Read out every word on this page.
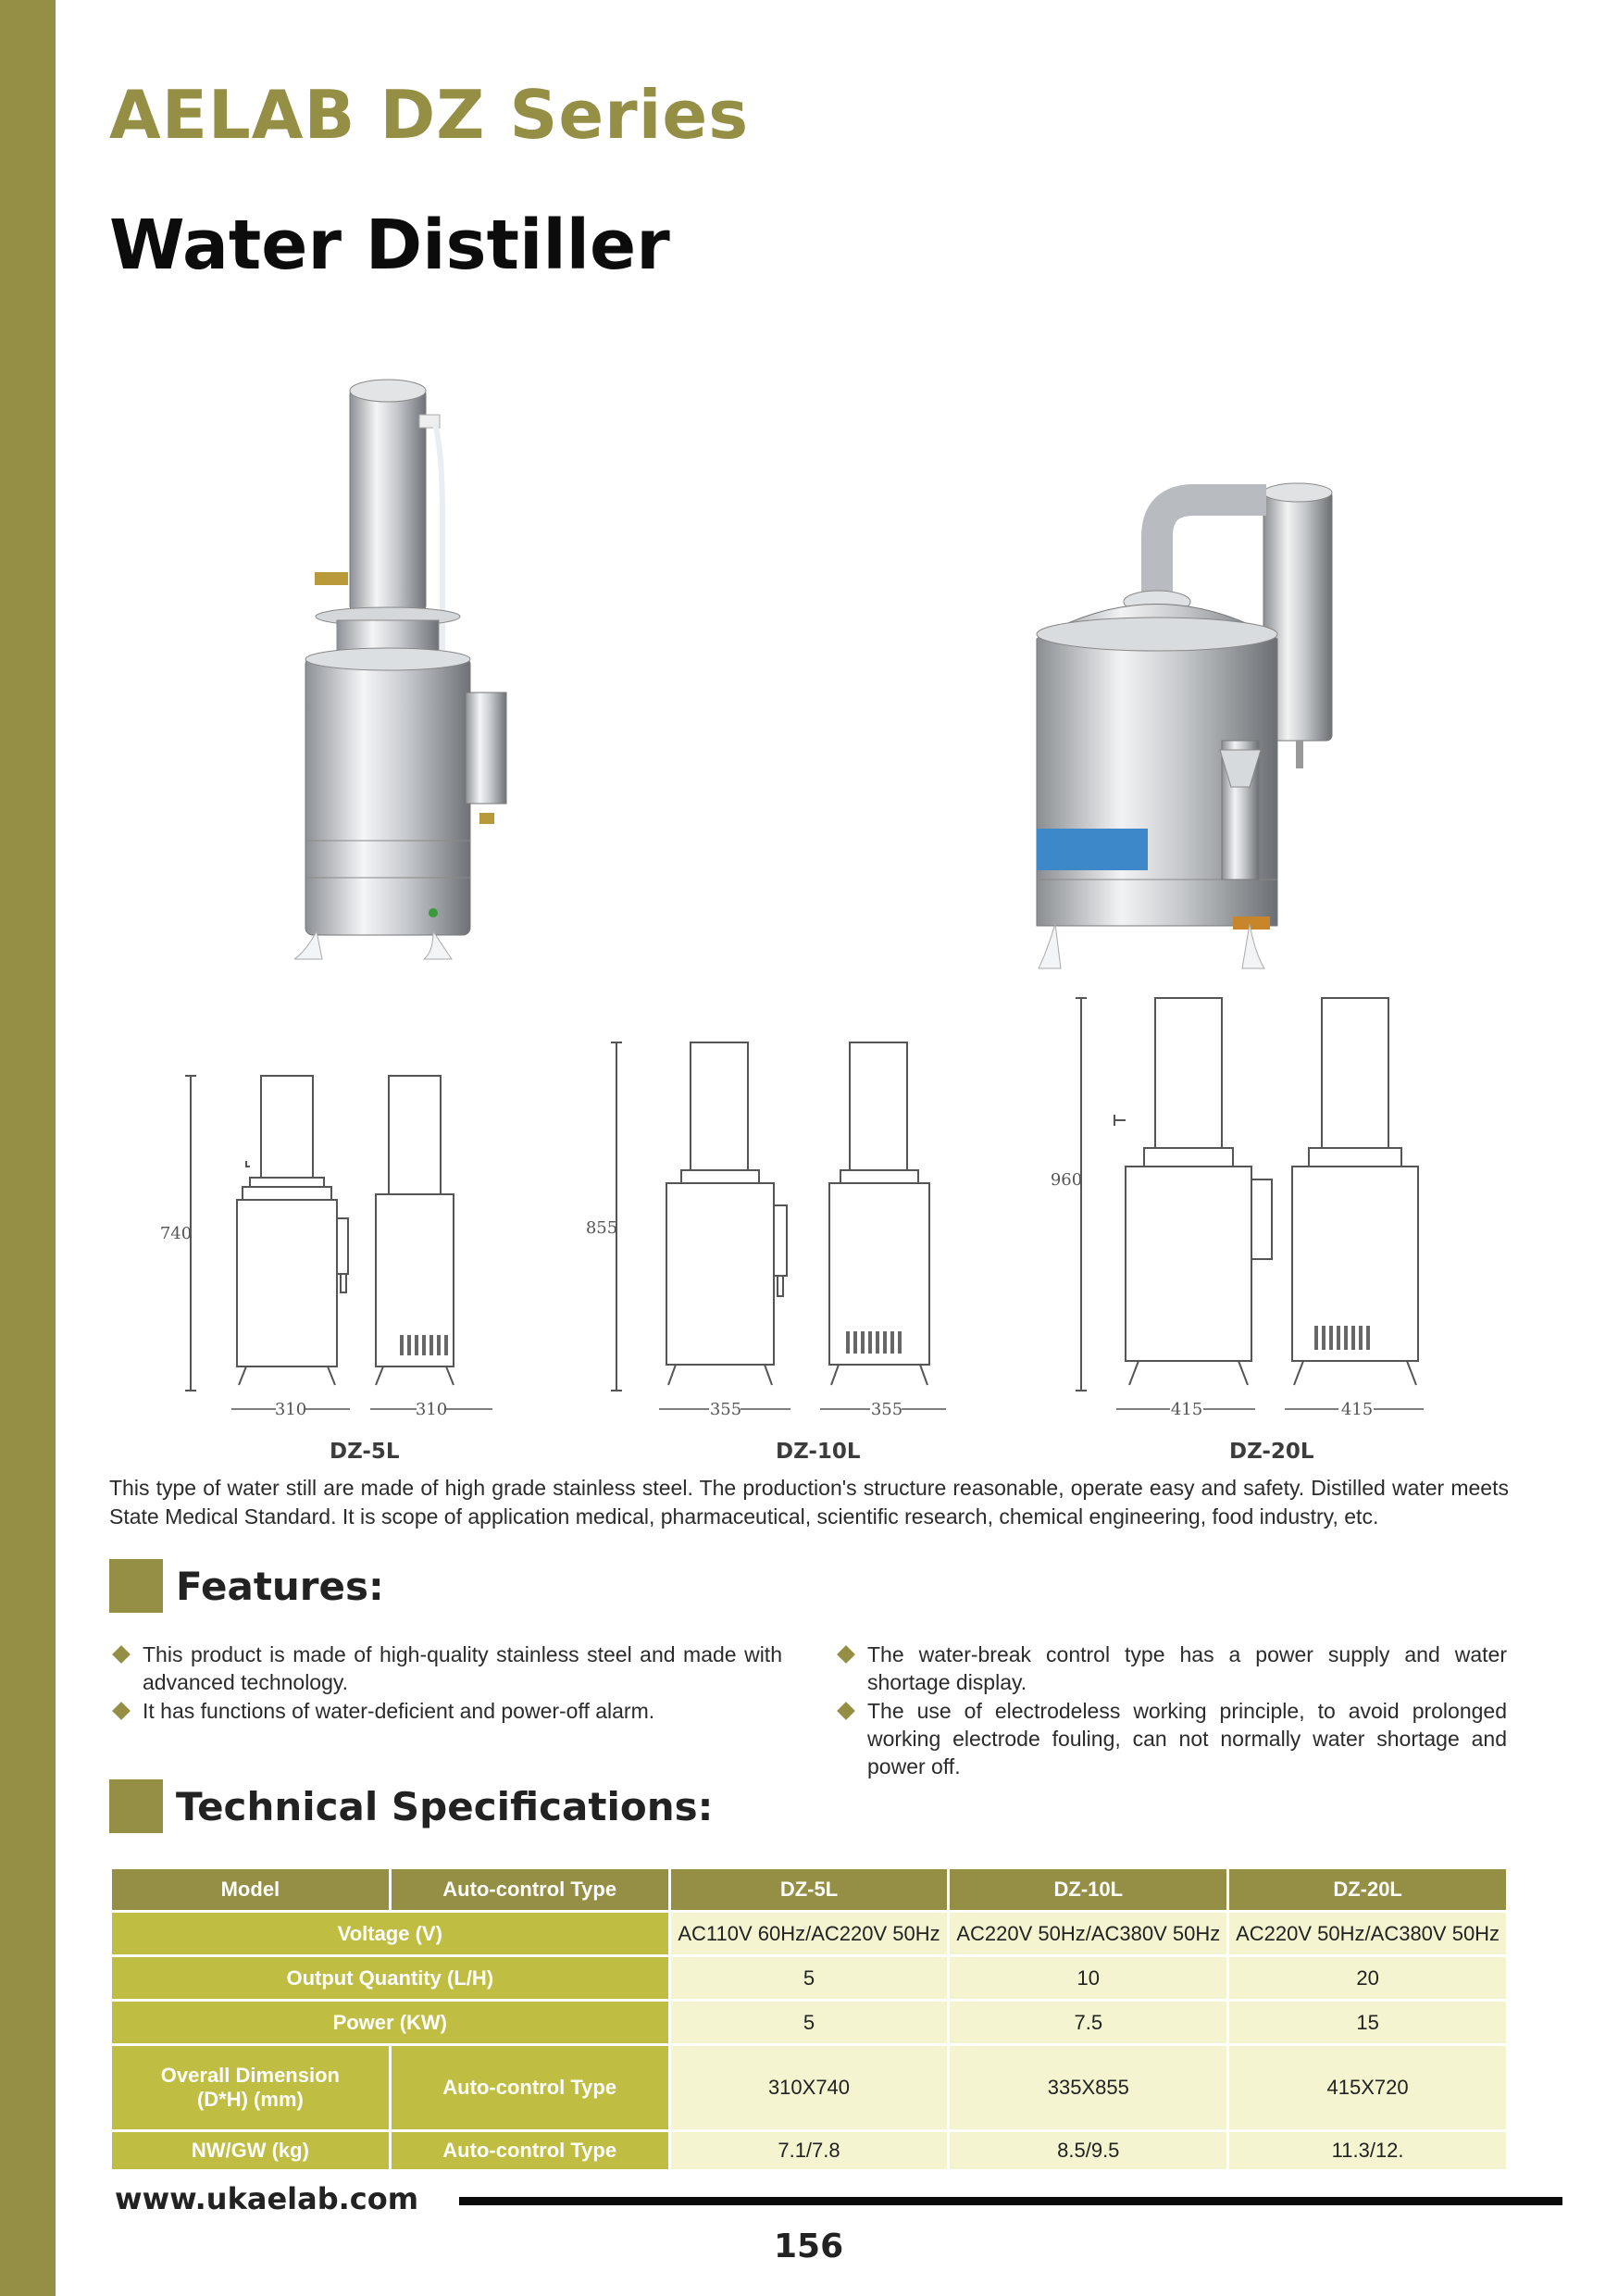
AELAB DZ Series
Water Distiller
740
310	310
855
355	355
960
415	415
DZ-5L	DZ-10L	DZ-20L

This type of water still are made of high grade stainless steel. The production's structure reasonable, operate easy and safety. Distilled water meets State Medical Standard. It is scope of application medical, pharmaceutical, scientific research, chemical engineering, food industry, etc.

Features:
This product is made of high-quality stainless steel and made with advanced technology.
It has functions of water-deficient and power-off alarm.
The water-break control type has a power supply and water shortage display.
The use of electrodeless working principle, to avoid prolonged working electrode fouling, can not normally water shortage and power off.
Technical Specifications:
Model	Auto-control Type	DZ-5L	DZ-10L	DZ-20L
Voltage (V)		AC110V 60Hz/AC220V 50Hz	AC220V 50Hz/AC380V 50Hz	AC220V 50Hz/AC380V 50Hz
Output Quantity (L/H)		5	10	20
Power (KW)		5	7.5	15
Overall Dimension (D*H) (mm)	Auto-control Type	310X740	335X855	415X720
NW/GW (kg)	Auto-control Type	7.1/7.8	8.5/9.5	11.3/12.
www.ukaelab.com
156
